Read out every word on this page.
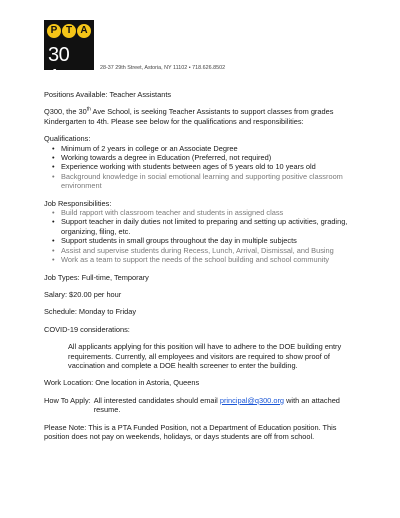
P T A
30 Av	28-37 29th Street, Astoria, NY 11102 • 718.626.8502

Positions Available: Teacher Assistants

Q300, the 30th Ave School, is seeking Teacher Assistants to support classes from grades Kindergarten to 4th. Please see below for the qualifications and responsibilities:

Qualifications:

• Minimum of 2 years in college or an Associate Degree
• Working towards a degree in Education (Preferred, not required)
• Experience working with students between ages of 5 years old to 10 years old
• Background knowledge in social emotional learning and supporting positive classroom environment

Job Responsibilities:

• Build rapport with classroom teacher and students in assigned class
• Support teacher in daily duties not limited to preparing and setting up activities, grading, organizing, filing, etc.
• Support students in small groups throughout the day in multiple subjects
• Assist and supervise students during Recess, Lunch, Arrival, Dismissal, and Busing
• Work as a team to support the needs of the school building and school community

Job Types: Full-time, Temporary

Salary: $20.00 per hour

Schedule: Monday to Friday

COVID-19 considerations:

All applicants applying for this position will have to adhere to the DOE building entry requirements. Currently, all employees and visitors are required to show proof of vaccination and complete a DOE health screener to enter the building.

Work Location: One location in Astoria, Queens

How To Apply: All interested candidates should email principal@q300.org with an attached resume.

Please Note: This is a PTA Funded Position, not a Department of Education position. This position does not pay on weekends, holidays, or days students are off from school.
